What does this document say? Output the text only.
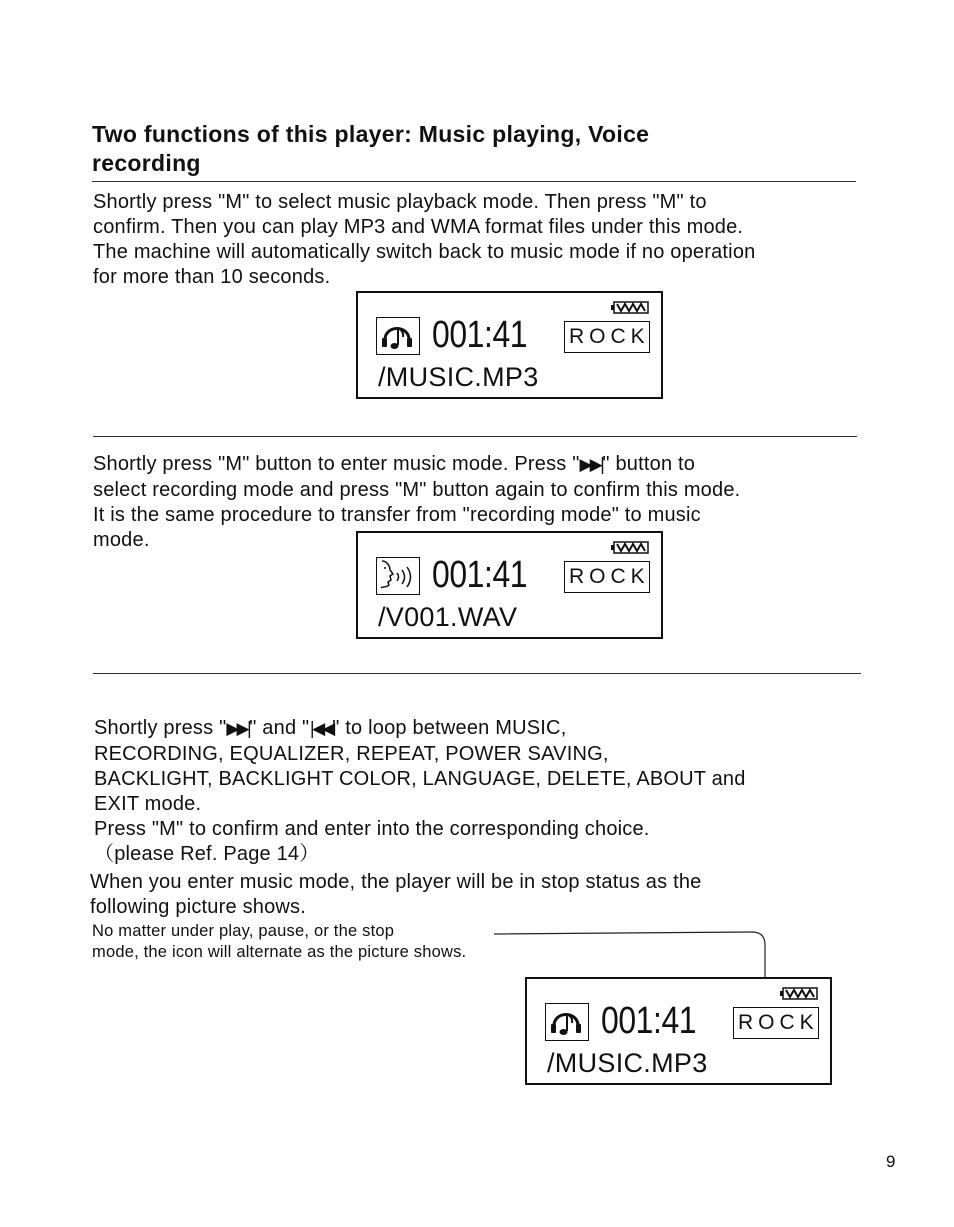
Two functions of this player: Music playing, Voice
recording
Shortly press "M" to select music playback mode. Then press "M" to
confirm. Then you can play MP3 and WMA format files under this mode.
The machine will automatically switch back to music mode if no operation
for more than 10 seconds.
001:41 ROCK
/MUSIC.MP3
Shortly press "M" button to enter music mode. Press "▶▶|" button to
select recording mode and press "M" button again to confirm this mode.
It is the same procedure to transfer from "recording mode" to music
mode.
001:41 ROCK
/V001.WAV
Shortly press "▶▶|" and "|◀◀" to loop between MUSIC,
RECORDING, EQUALIZER, REPEAT, POWER SAVING,
BACKLIGHT, BACKLIGHT COLOR, LANGUAGE, DELETE, ABOUT and
EXIT mode.
Press "M" to confirm and enter into the corresponding choice.
（please Ref. Page 14）
When you enter music mode, the player will be in stop status as the
following picture shows.
No matter under play, pause, or the stop
mode, the icon will alternate as the picture shows.
001:41 ROCK
/MUSIC.MP3
9
